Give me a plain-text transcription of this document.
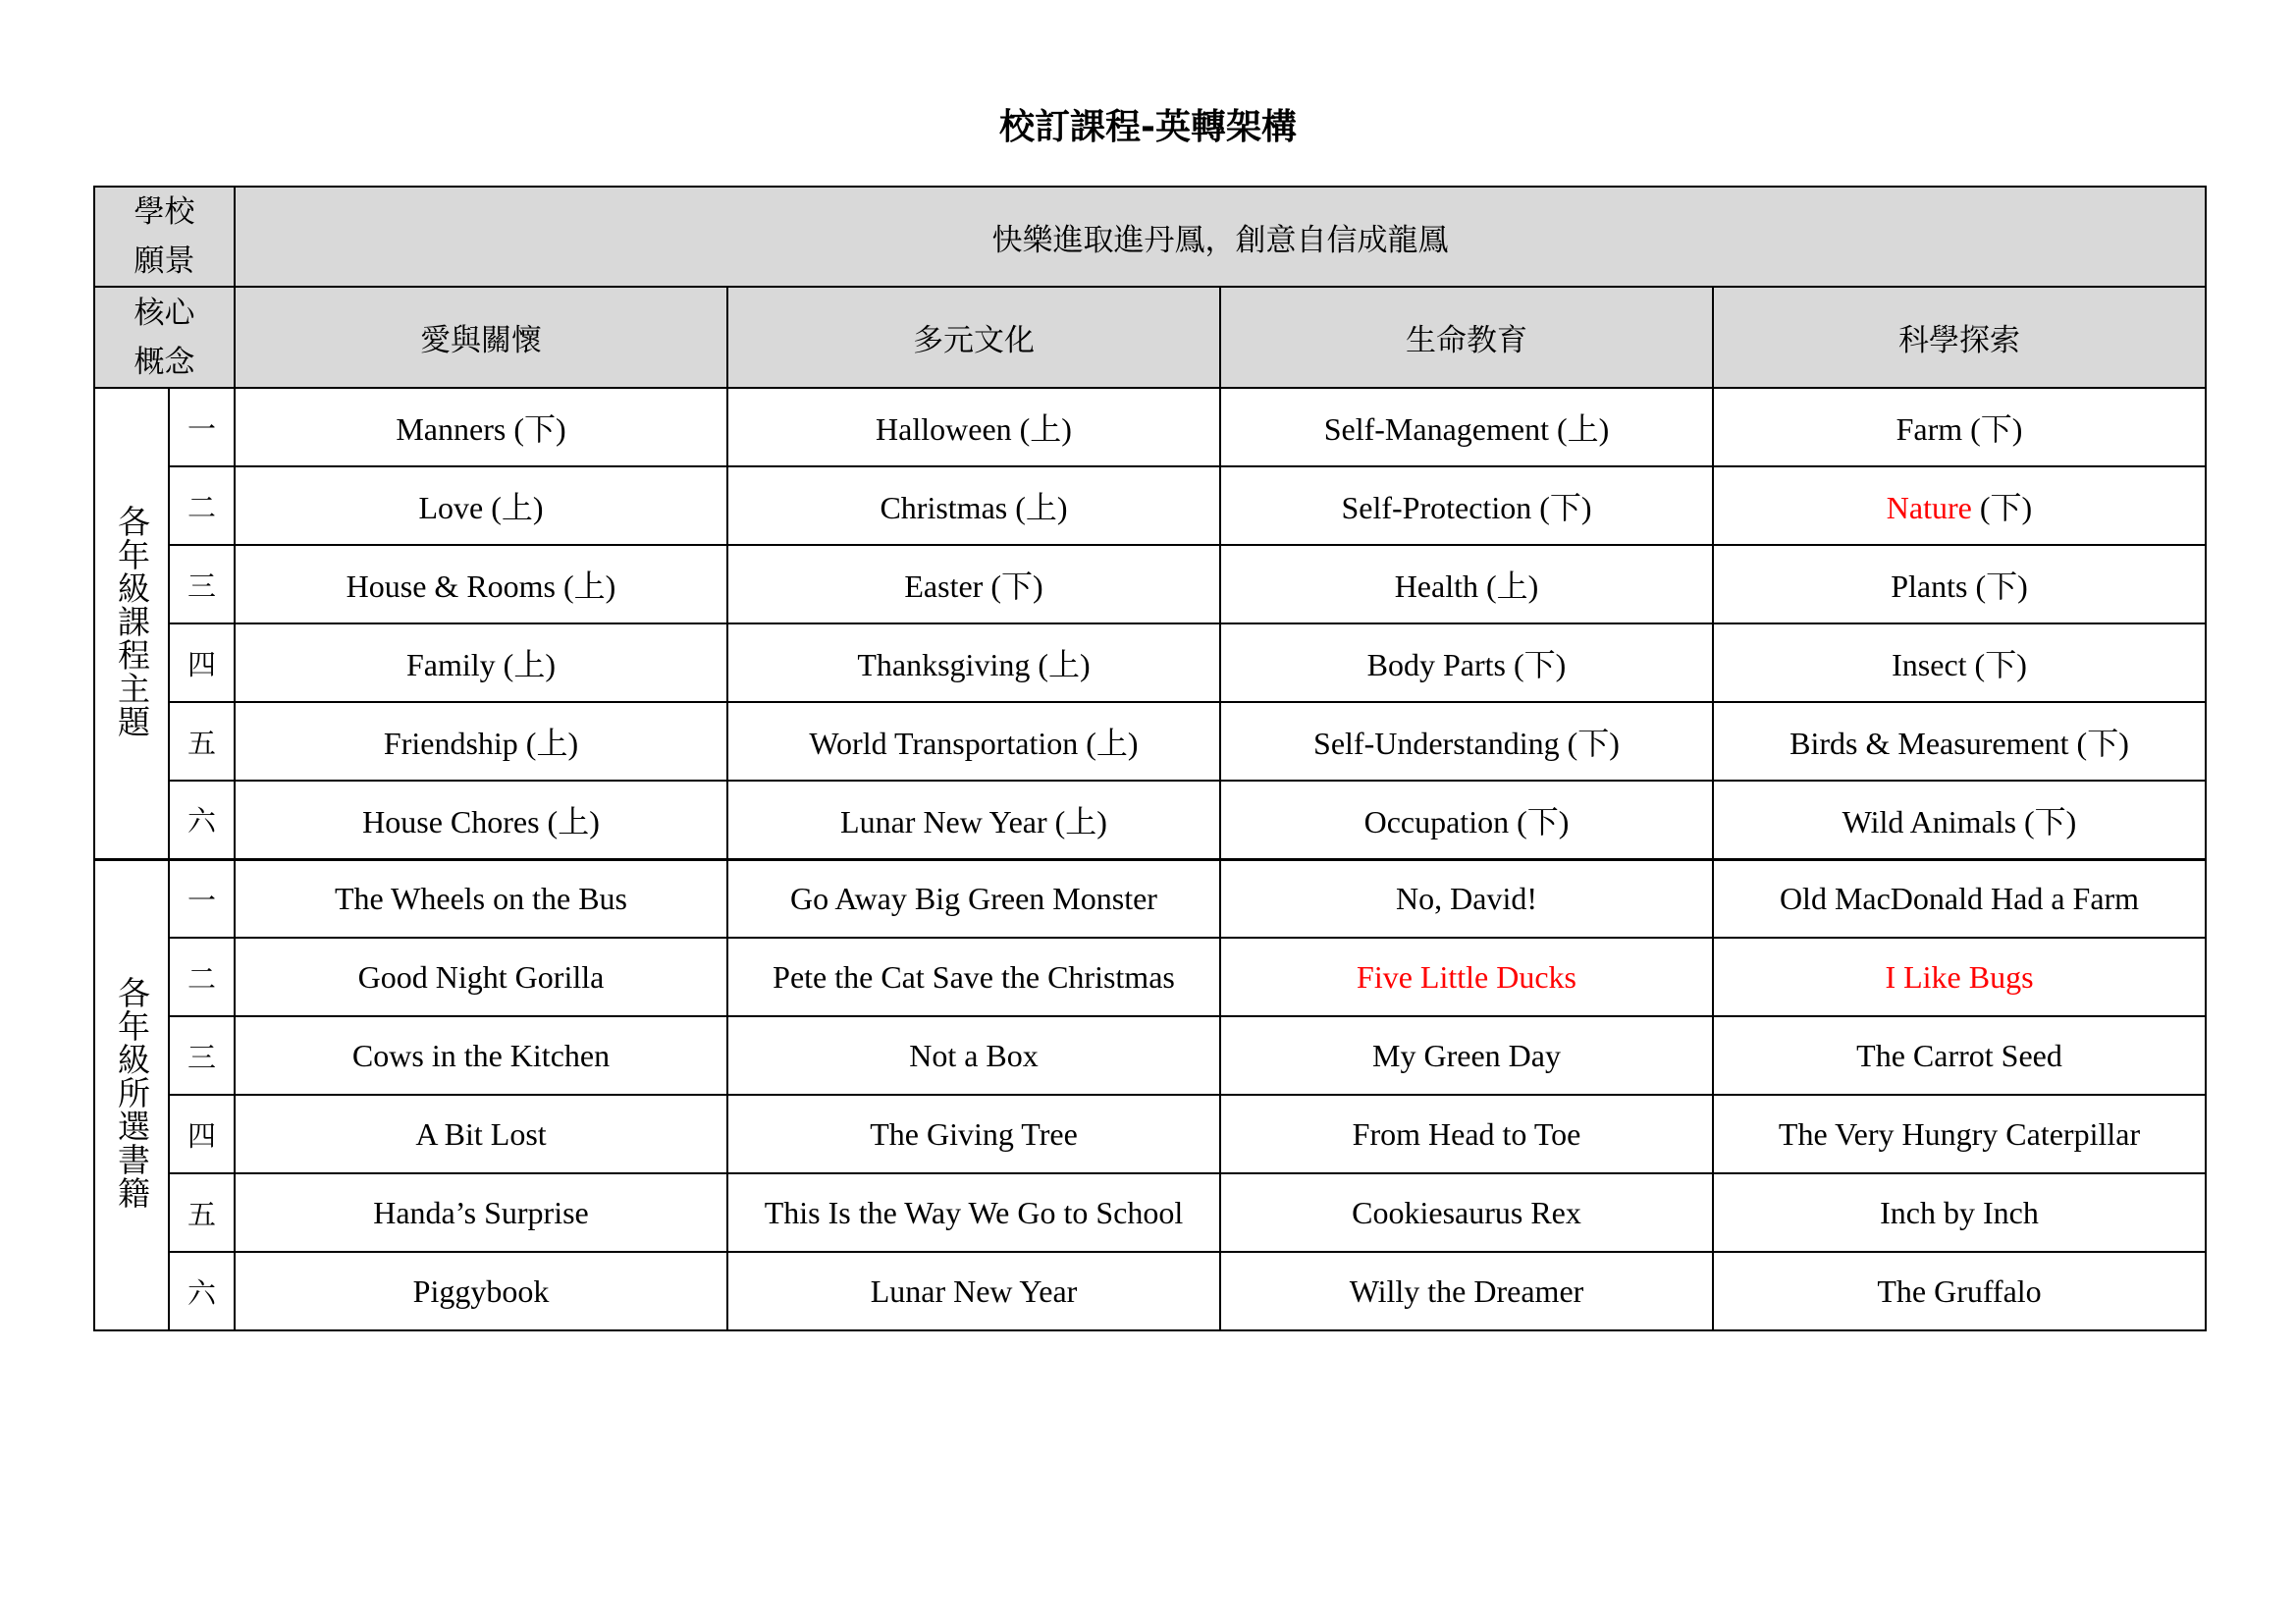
校訂課程-英轉架構
學校
願景		快樂進取進丹鳳，創意自信成龍鳳			
核心
概念		愛與關懷	多元文化	生命教育	科學探索
各年級課程主題	一	Manners (下)	Halloween (上)	Self-Management (上)	Farm (下)
	二	Love (上)	Christmas (上)	Self-Protection (下)	Nature (下)
	三	House & Rooms (上)	Easter (下)	Health (上)	Plants (下)
	四	Family (上)	Thanksgiving (上)	Body Parts (下)	Insect (下)
	五	Friendship (上)	World Transportation (上)	Self-Understanding (下)	Birds & Measurement (下)
	六	House Chores (上)	Lunar New Year (上)	Occupation (下)	Wild Animals (下)
各年級所選書籍	一	The Wheels on the Bus	Go Away Big Green Monster	No, David!	Old MacDonald Had a Farm
	二	Good Night Gorilla	Pete the Cat Save the Christmas	Five Little Ducks	I Like Bugs
	三	Cows in the Kitchen	Not a Box	My Green Day	The Carrot Seed
	四	A Bit Lost	The Giving Tree	From Head to Toe	The Very Hungry Caterpillar
	五	Handa’s Surprise	This Is the Way We Go to School	Cookiesaurus Rex	Inch by Inch
	六	Piggybook	Lunar New Year	Willy the Dreamer	The Gruffalo
